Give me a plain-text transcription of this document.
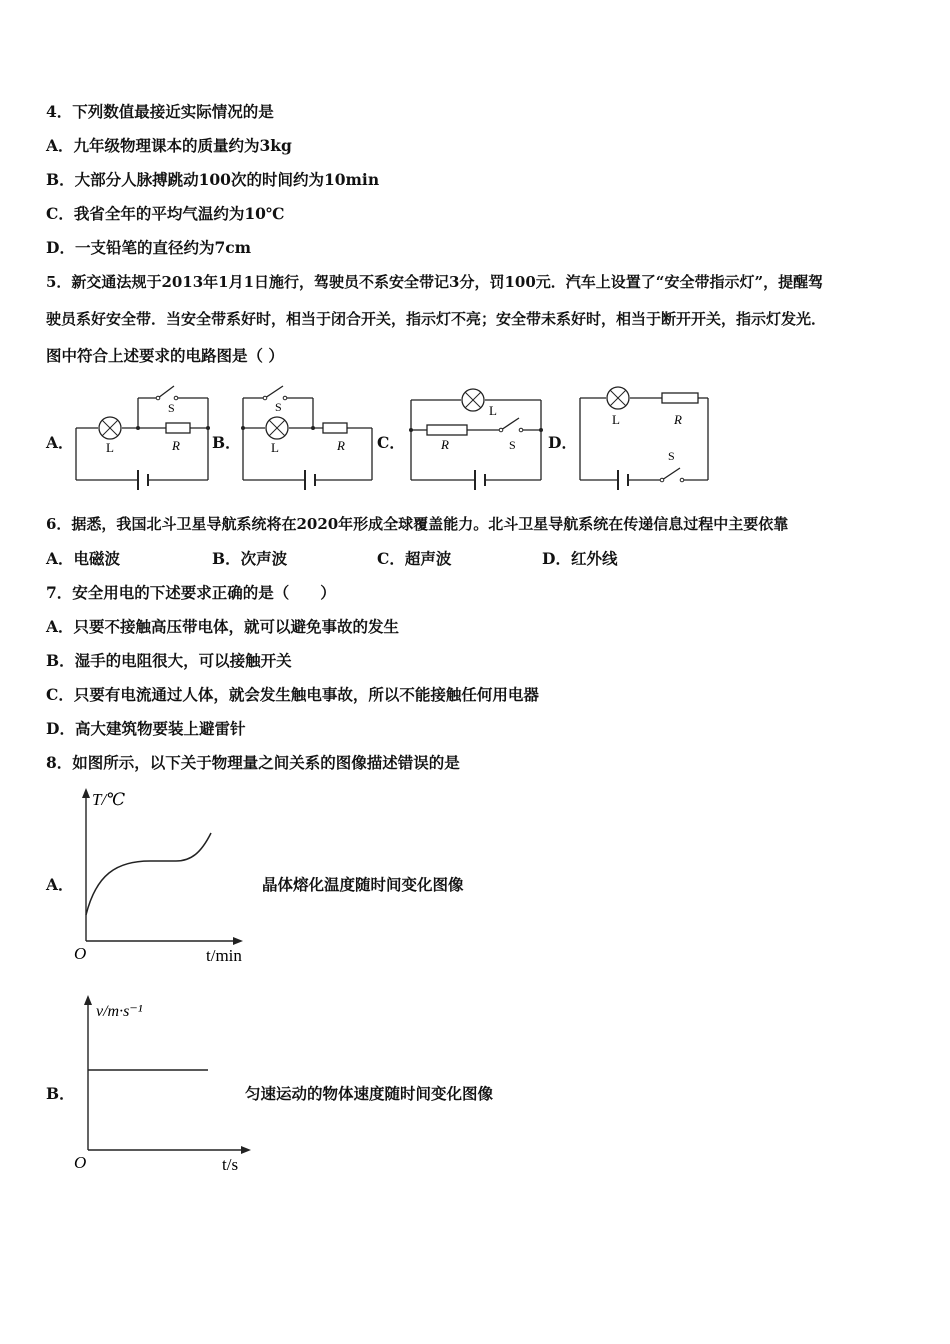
4．下列数值最接近实际情况的是
A．九年级物理课本的质量约为3kg
B．大部分人脉搏跳动100次的时间约为10min
C．我省全年的平均气温约为10℃
D．一支铅笔的直径约为7cm
5．新交通法规于2013年1月1日施行，驾驶员不系安全带记3分，罚100元．汽车上设置了“安全带指示灯”，提醒驾
驶员系好安全带．当安全带系好时，相当于闭合开关，指示灯不亮；安全带未系好时，相当于断开开关，指示灯发光．
图中符合上述要求的电路图是（ ）
A．	B．	C．	D．
S
L	R
S
L	R
L
R	S
L	R
S
6．据悉，我国北斗卫星导航系统将在2020年形成全球覆盖能力。北斗卫星导航系统在传递信息过程中主要依靠
A．电磁波	B．次声波	C．超声波	D．红外线
7．安全用电的下述要求正确的是（　　）
A．只要不接触高压带电体，就可以避免事故的发生
B．湿手的电阻很大，可以接触开关
C．只要有电流通过人体，就会发生触电事故，所以不能接触任何用电器
D．高大建筑物要装上避雷针
8．如图所示，以下关于物理量之间关系的图像描述错误的是
A．
T/℃
O	t/min
晶体熔化温度随时间变化图像
B．
v/m·s⁻¹
O	t/s
匀速运动的物体速度随时间变化图像
